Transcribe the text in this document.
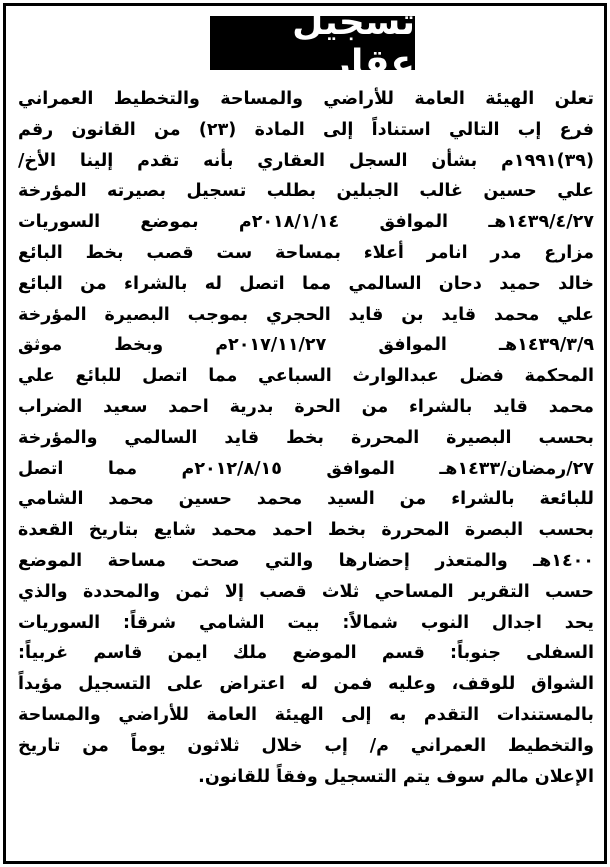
تسجيل عقار
تعلن الهيئة العامة للأراضي والمساحة والتخطيط العمراني
فرع إب التالي استناداً إلى المادة (٢٣) من القانون رقم
(٣٩)١٩٩١م بشأن السجل العقاري بأنه تقدم إلينا الأخ/
علي حسين غالب الجبلين بطلب تسجيل بصيرته المؤرخة
١٤٣٩/٤/٢٧هـ الموافق ٢٠١٨/١/١٤م بموضع السوريات
مزارع مدر انامر أعلاء بمساحة ست قصب بخط البائع
خالد حميد دحان السالمي مما اتصل له بالشراء من البائع
علي محمد قايد بن قايد الحجري بموجب البصيرة المؤرخة
١٤٣٩/٣/٩هـ الموافق ٢٠١٧/١١/٢٧م وبخط موثق
المحكمة فضل عبدالوارث السباعي مما اتصل للبائع علي
محمد قايد بالشراء من الحرة بدرية احمد سعيد الضراب
بحسب البصيرة المحررة بخط قايد السالمي والمؤرخة
٢٧/رمضان/١٤٣٣هـ الموافق ٢٠١٢/٨/١٥م مما اتصل
للبائعة بالشراء من السيد محمد حسين محمد الشامي
بحسب البصرة المحررة بخط احمد محمد شايع بتاريخ القعدة
١٤٠٠هـ والمتعذر إحضارها والتي صحت مساحة الموضع
حسب التقرير المساحي ثلاث قصب إلا ثمن والمحددة والذي
يحد اجدال النوب شمالاً: بيت الشامي شرقاً: السوريات
السفلى جنوباً: قسم الموضع ملك ايمن قاسم غربياً:
الشواق للوقف، وعليه فمن له اعتراض على التسجيل مؤيداً
بالمستندات التقدم به إلى الهيئة العامة للأراضي والمساحة
والتخطيط العمراني م/ إب خلال ثلاثون يوماً من تاريخ
الإعلان مالم سوف يتم التسجيل وفقاً للقانون.
